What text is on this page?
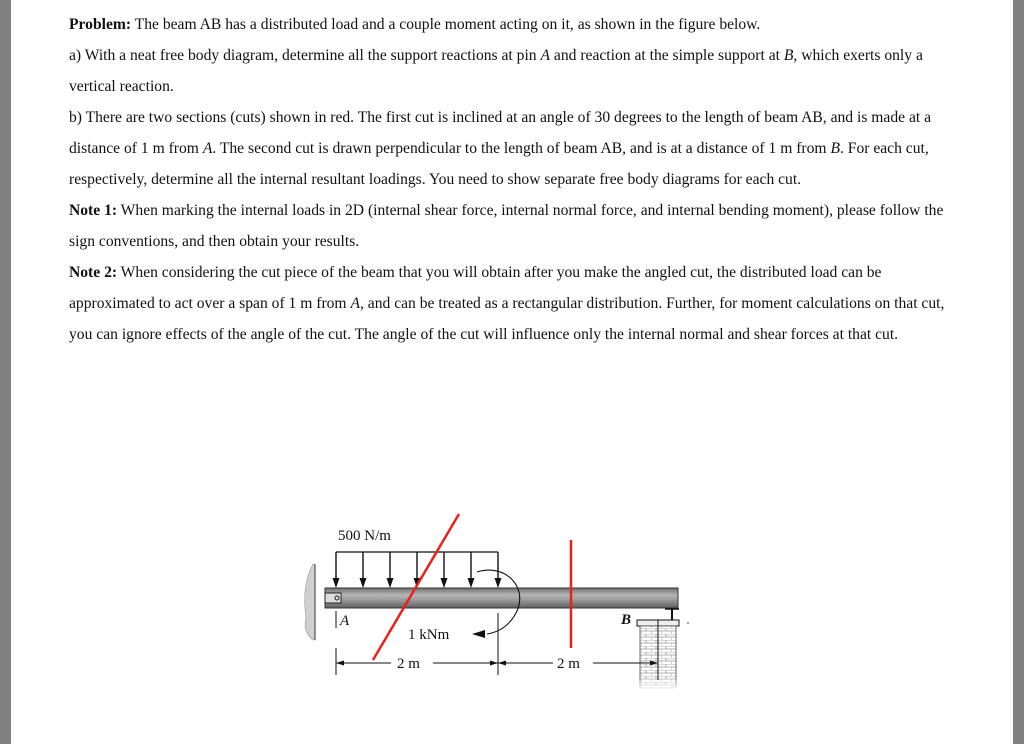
Problem: The beam AB has a distributed load and a couple moment acting on it, as shown in the figure below.

a) With a neat free body diagram, determine all the support reactions at pin A and reaction at the simple support at B, which exerts only a vertical reaction.

b) There are two sections (cuts) shown in red. The first cut is inclined at an angle of 30 degrees to the length of beam AB, and is made at a distance of 1 m from A. The second cut is drawn perpendicular to the length of beam AB, and is at a distance of 1 m from B. For each cut, respectively, determine all the internal resultant loadings. You need to show separate free body diagrams for each cut.

Note 1: When marking the internal loads in 2D (internal shear force, internal normal force, and internal bending moment), please follow the sign conventions, and then obtain your results.

Note 2: When considering the cut piece of the beam that you will obtain after you make the angled cut, the distributed load can be approximated to act over a span of 1 m from A, and can be treated as a rectangular distribution. Further, for moment calculations on that cut, you can ignore effects of the angle of the cut. The angle of the cut will influence only the internal normal and shear forces at that cut.

500 N/m
1 kNm
A	B
2 m	2 m
